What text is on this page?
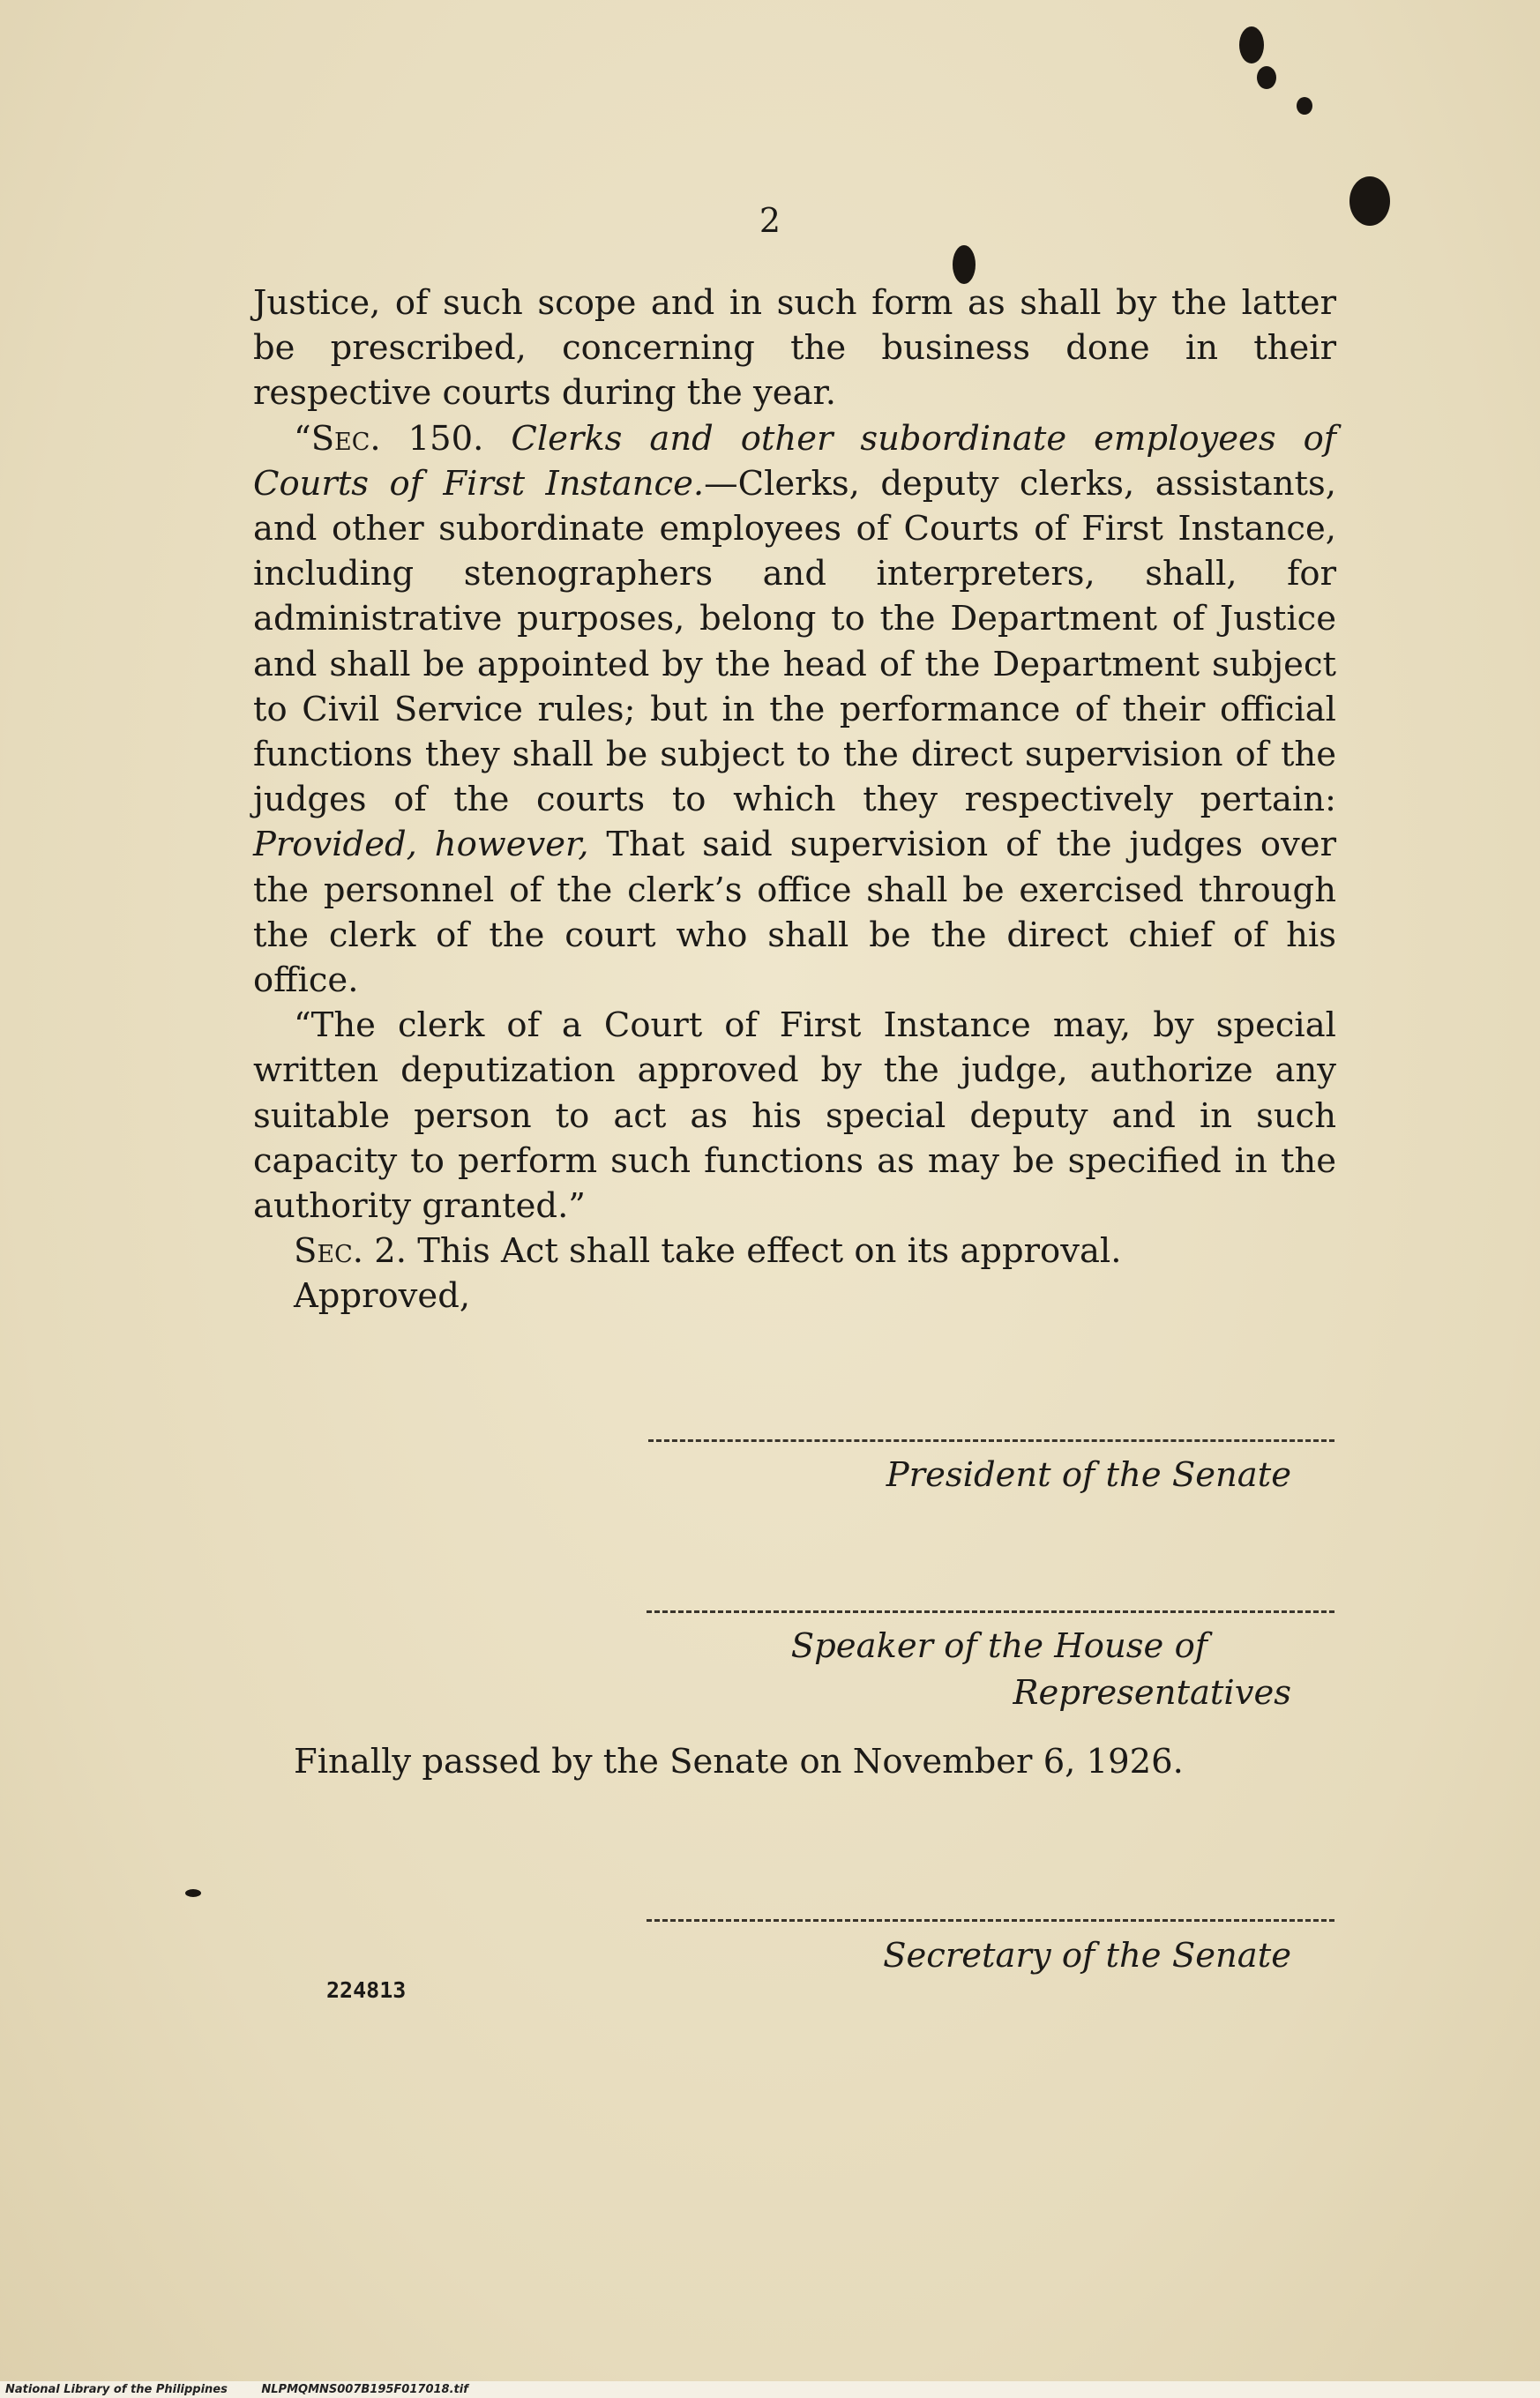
2

Justice, of such scope and in such form as shall by the latter be prescribed, concerning the business done in their respective courts during the year.

“Sec. 150. Clerks and other subordinate employees of Courts of First Instance.—Clerks, deputy clerks, assistants, and other subordinate employees of Courts of First Instance, including stenographers and interpreters, shall, for administrative purposes, belong to the Department of Justice and shall be appointed by the head of the Department subject to Civil Service rules; but in the performance of their official functions they shall be subject to the direct supervision of the judges of the courts to which they respectively pertain: Provided, however, That said supervision of the judges over the personnel of the clerk’s office shall be exercised through the clerk of the court who shall be the direct chief of his office.

“The clerk of a Court of First Instance may, by special written deputization approved by the judge, authorize any suitable person to act as his special deputy and in such capacity to perform such functions as may be specified in the authority granted.”

Sec. 2. This Act shall take effect on its approval.

Approved,

President of the Senate
Speaker of the House of
Representatives
Finally passed by the Senate on November 6, 1926.
Secretary of the Senate
224813
National Library of the Philippines	NLPMQMNS007B195F017018.tif
